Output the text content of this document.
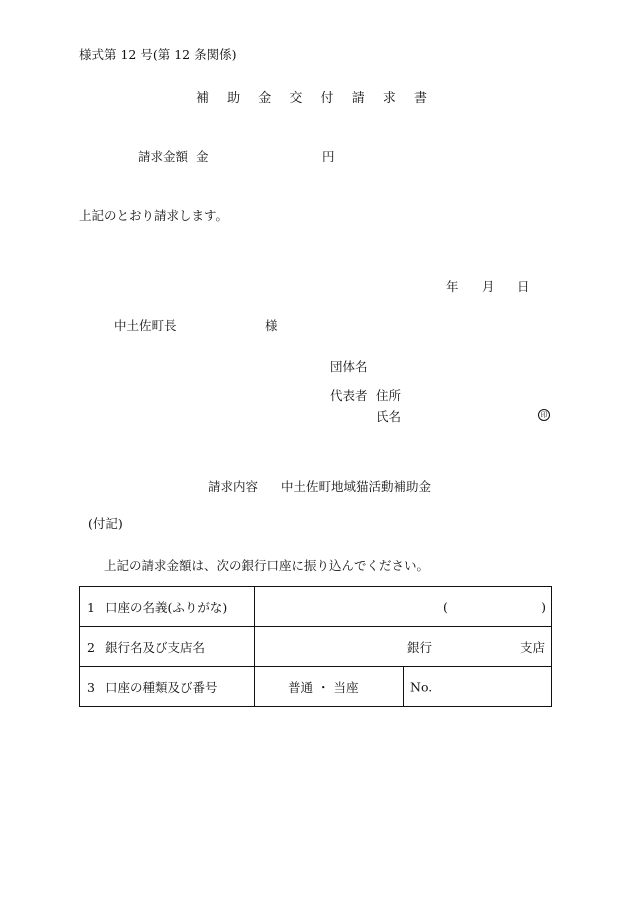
様式第 12 号(第 12 条関係)
補 助 金 交 付 請 求 書
請求金額 金	円
上記のとおり請求します。
年 月 日
中土佐町長	様
団体名
代表者 住所
氏名	印
請求内容 中土佐町地域猫活動補助金
(付記)
上記の請求金額は、次の銀行口座に振り込んでください。
1 口座の名義(ふりがな)	( )	

2 銀行名及び支店名	銀行 支店	

3 口座の種類及び番号	普通 ・ 当座	No.
